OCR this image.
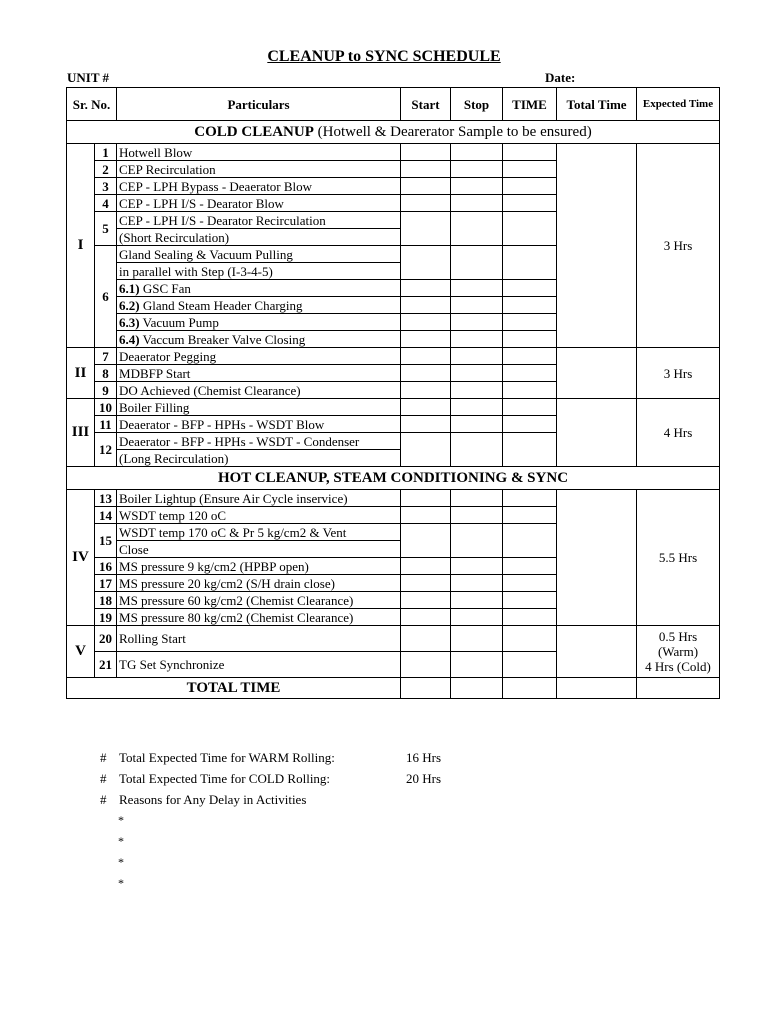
CLEANUP to SYNC SCHEDULE
UNIT #	Date:
Sr. No.		Particulars	Start	Stop	TIME	Total Time	Expected Time
COLD CLEANUP (Hotwell & Dearerator Sample to be ensured)							
I	1	Hotwell Blow					3 Hrs
	2	CEP Recirculation					
	3	CEP - LPH Bypass - Deaerator Blow					
	4	CEP - LPH I/S - Dearator Blow					
	5	CEP - LPH I/S - Dearator Recirculation					
		(Short Recirculation)					
	6	Gland Sealing & Vacuum Pulling					
		in parallel with Step (I-3-4-5)					
		6.1) GSC Fan					
		6.2) Gland Steam Header Charging					
		6.3) Vacuum Pump					
		6.4) Vaccum Breaker Valve Closing					
II	7	Deaerator Pegging					3 Hrs
	8	MDBFP Start					
	9	DO Achieved (Chemist Clearance)					
III	10	Boiler Filling					4 Hrs
	11	Deaerator - BFP - HPHs - WSDT Blow					
	12	Deaerator - BFP - HPHs - WSDT - Condenser					
		(Long Recirculation)					
HOT CLEANUP, STEAM CONDITIONING & SYNC							
IV	13	Boiler Lightup (Ensure Air Cycle inservice)					5.5 Hrs
	14	WSDT temp 120 oC					
	15	WSDT temp 170 oC & Pr 5 kg/cm2 & Vent					
		Close					
	16	MS pressure 9 kg/cm2 (HPBP open)					
	17	MS pressure 20 kg/cm2 (S/H drain close)					
	18	MS pressure 60 kg/cm2 (Chemist Clearance)					
	19	MS pressure 80 kg/cm2 (Chemist Clearance)					
V	20	Rolling Start					0.5 Hrs
(Warm)
4 Hrs (Cold)

	21	TG Set Synchronize					
TOTAL TIME							
# Total Expected Time for WARM Rolling:	16 Hrs
# Total Expected Time for COLD Rolling:	20 Hrs
# Reasons for Any Delay in Activities
*
*
*
*
